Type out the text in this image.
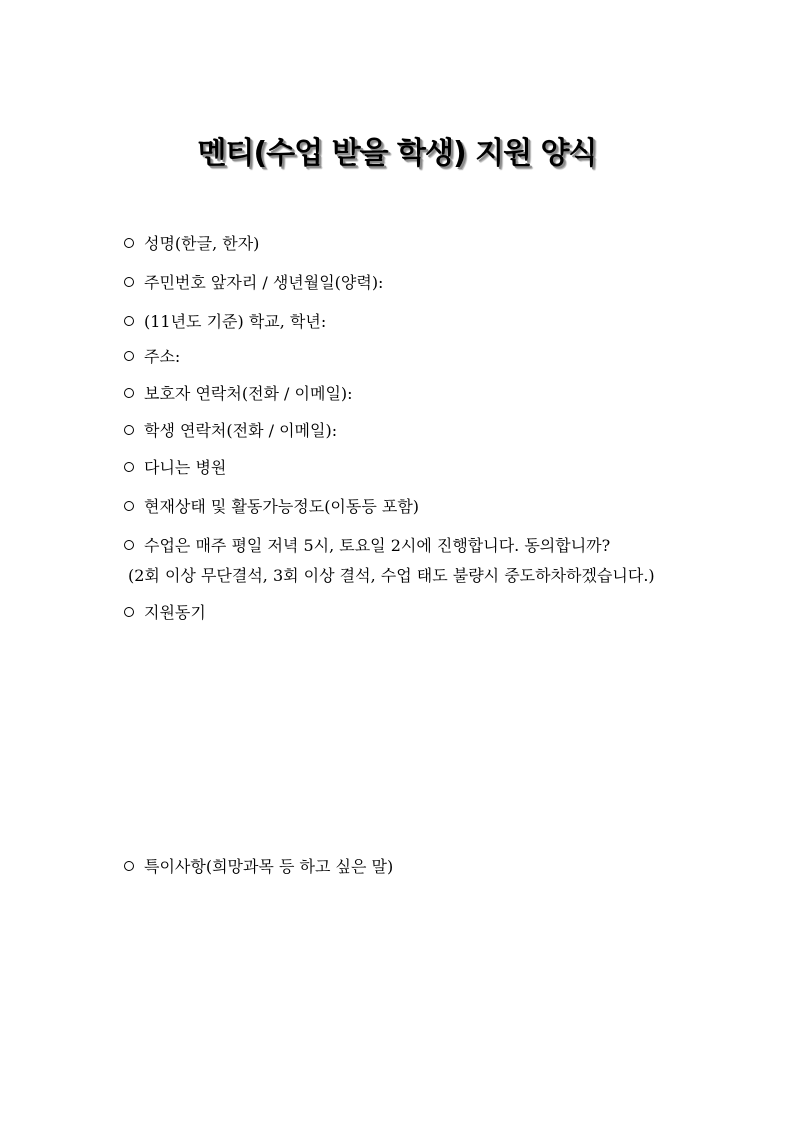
멘티(수업 받을 학생) 지원 양식
성명(한글, 한자)
주민번호 앞자리 / 생년월일(양력):
(11년도 기준) 학교, 학년:
주소:
보호자 연락처(전화 / 이메일):
학생 연락처(전화 / 이메일):
다니는 병원
현재상태 및 활동가능정도(이동등 포함)
수업은 매주 평일 저녁 5시, 토요일 2시에 진행합니다. 동의합니까?
(2회 이상 무단결석, 3회 이상 결석, 수업 태도 불량시 중도하차하겠습니다.)
지원동기
특이사항(희망과목 등 하고 싶은 말)
